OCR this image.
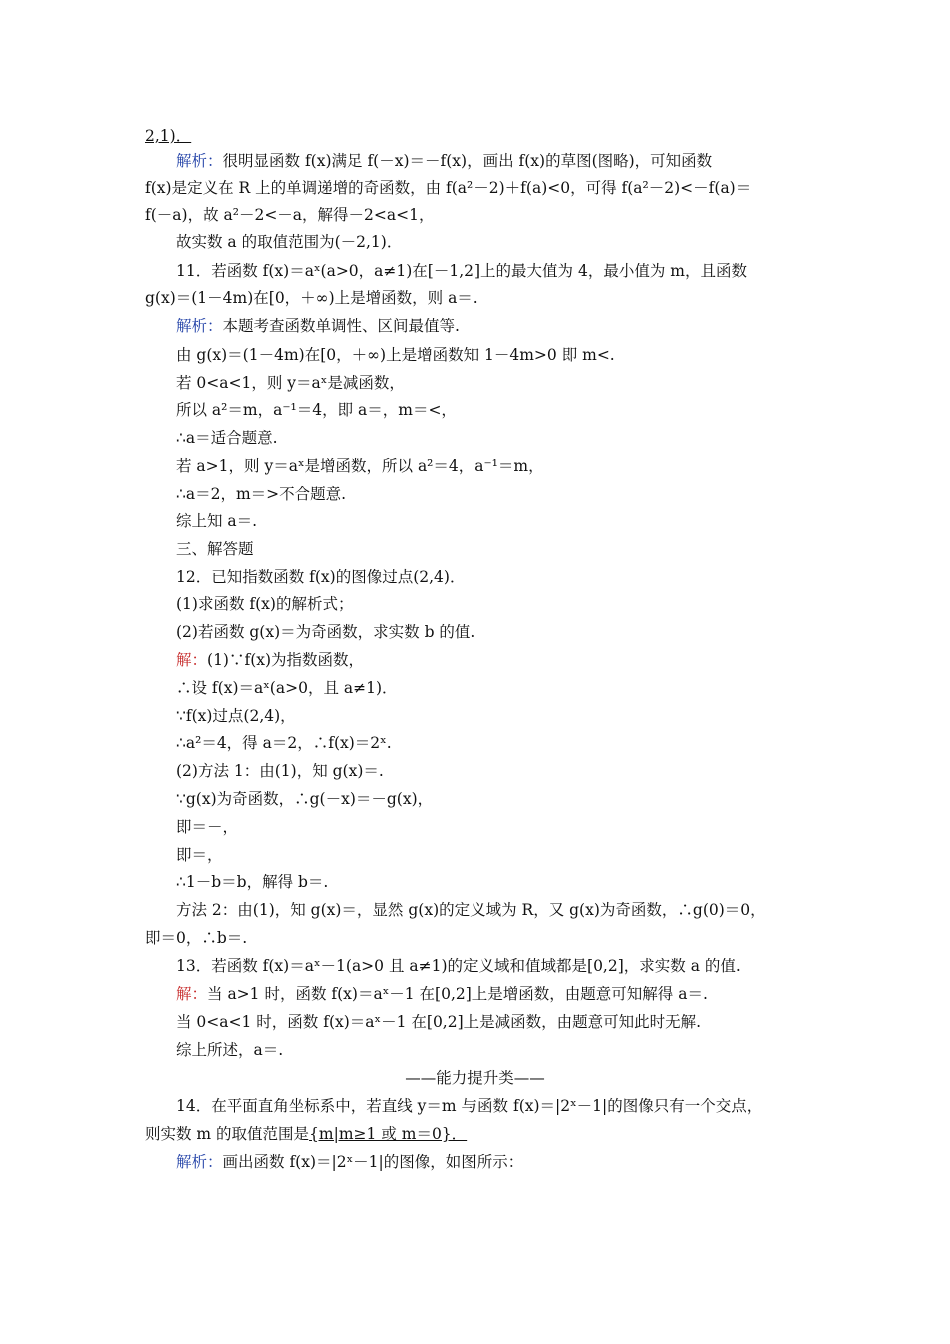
2,1)．
解析：很明显函数 f(x)满足 f(－x)＝－f(x)，画出 f(x)的草图(图略)，可知函数
f(x)是定义在 R 上的单调递增的奇函数，由 f(a²－2)＋f(a)<0，可得 f(a²－2)<－f(a)＝
f(－a)，故 a²－2<－a，解得－2<a<1，
故实数 a 的取值范围为(－2,1)．
11．若函数 f(x)＝aˣ(a>0，a≠1)在[－1,2]上的最大值为 4，最小值为 m，且函数
g(x)＝(1－4m)在[0，＋∞)上是增函数，则 a＝.
解析：本题考查函数单调性、区间最值等.
由 g(x)＝(1－4m)在[0，＋∞)上是增函数知 1－4m>0 即 m<.
若 0<a<1，则 y＝aˣ是减函数，
所以 a²＝m，a⁻¹＝4，即 a＝，m＝<，
∴a＝适合题意.
若 a>1，则 y＝aˣ是增函数，所以 a²＝4，a⁻¹＝m，
∴a＝2，m＝>不合题意.
综上知 a＝.
三、解答题
12．已知指数函数 f(x)的图像过点(2,4)．
(1)求函数 f(x)的解析式；
(2)若函数 g(x)＝为奇函数，求实数 b 的值.
解：(1)∵f(x)为指数函数，
∴设 f(x)＝aˣ(a>0，且 a≠1)．
∵f(x)过点(2,4)，
∴a²＝4，得 a＝2，∴f(x)＝2ˣ.
(2)方法 1：由(1)，知 g(x)＝.
∵g(x)为奇函数，∴g(－x)＝－g(x)，
即＝－，
即＝，
∴1－b＝b，解得 b＝.
方法 2：由(1)，知 g(x)＝，显然 g(x)的定义域为 R，又 g(x)为奇函数，∴g(0)＝0，
即＝0，∴b＝.
13．若函数 f(x)＝aˣ－1(a>0 且 a≠1)的定义域和值域都是[0,2]，求实数 a 的值.
解：当 a>1 时，函数 f(x)＝aˣ－1 在[0,2]上是增函数，由题意可知解得 a＝.
当 0<a<1 时，函数 f(x)＝aˣ－1 在[0,2]上是减函数，由题意可知此时无解.
综上所述，a＝.
——能力提升类——
14．在平面直角坐标系中，若直线 y＝m 与函数 f(x)＝|2ˣ－1|的图像只有一个交点，
则实数 m 的取值范围是{m|m≥1 或 m＝0}．
解析：画出函数 f(x)＝|2ˣ－1|的图像，如图所示：
